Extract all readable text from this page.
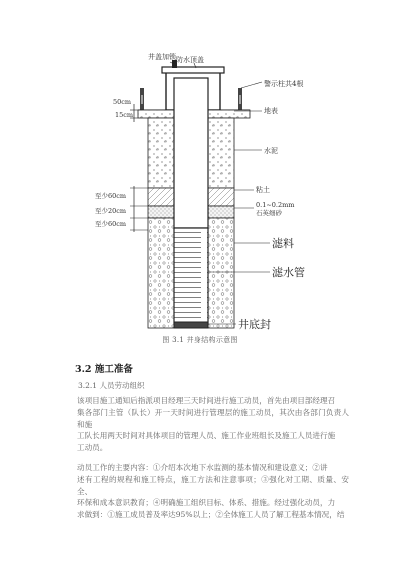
井盖加锁 防水顶盖
警示柱共4根
地表
水泥
粘土
0.1~0.2mm 石英细砂
滤料
滤水管
井底封
50cm
15cm
至少60cm
至少20cm
至少60cm
图 3.1 井身结构示意图
3.2 施工准备
3.2.1 人员劳动组织
该项目施工通知后指派项目经理三天时间进行施工动员，首先由项目部经理召
集各部门主管（队长）开一天时间进行管理层的施工动员，其次由各部门负责人和施
工队长用两天时间对具体项目的管理人员、施工作业班组长及施工人员进行施
工动员。
动员工作的主要内容：①介绍本次地下水监测的基本情况和建设意义；②讲
述有工程的规程和施工特点，施工方法和注意事项；③强化对工期、质量、安全、
环保和成本意识教育；④明确施工组织目标、体系、措施。经过强化动员，力
求做到：①施工成员普及率达95%以上；②全体施工人员了解工程基本情况，结
